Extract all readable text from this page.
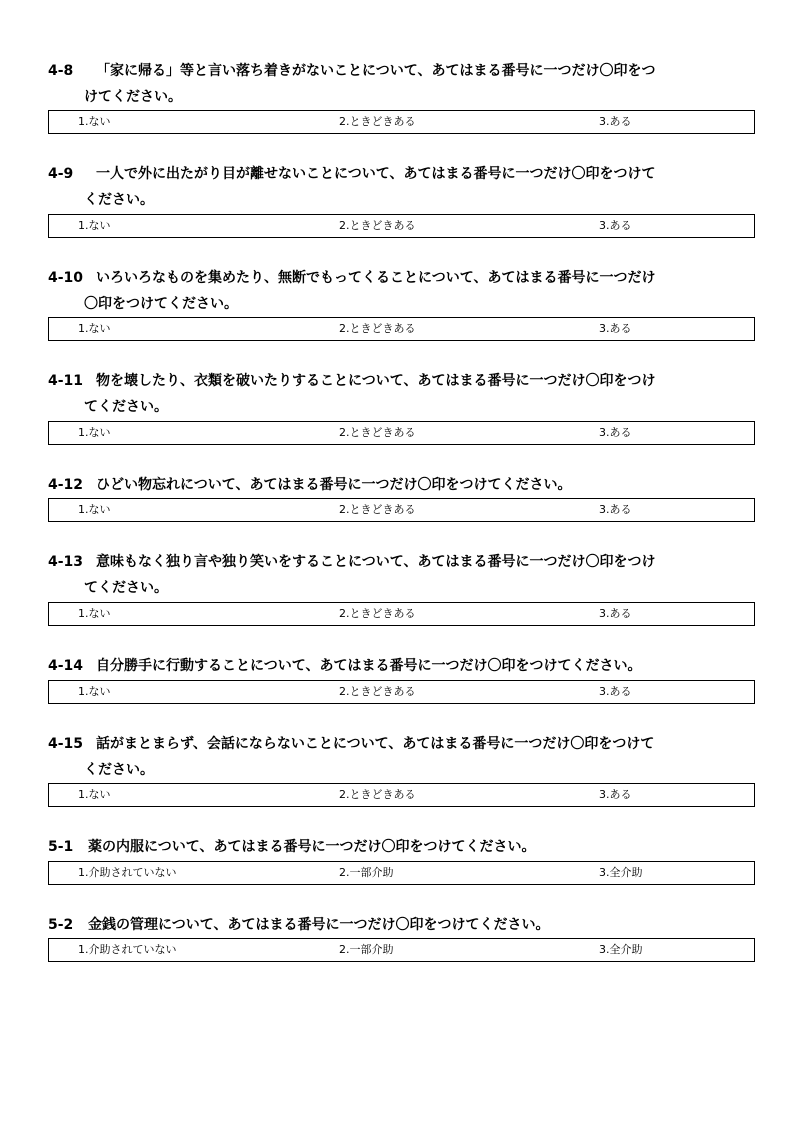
4-8	「家に帰る」等と言い落ち着きがないことについて、あてはまる番号に一つだけ〇印をつ
けてください。
1.ない	2.ときどきある	3.ある
4-9	一人で外に出たがり目が離せないことについて、あてはまる番号に一つだけ〇印をつけて
ください。
1.ない	2.ときどきある	3.ある
4-10 いろいろなものを集めたり、無断でもってくることについて、あてはまる番号に一つだけ
〇印をつけてください。
1.ない	2.ときどきある	3.ある
4-11 物を壊したり、衣類を破いたりすることについて、あてはまる番号に一つだけ〇印をつけ
てください。
1.ない	2.ときどきある	3.ある
4-12 ひどい物忘れについて、あてはまる番号に一つだけ〇印をつけてください。
1.ない	2.ときどきある	3.ある
4-13 意味もなく独り言や独り笑いをすることについて、あてはまる番号に一つだけ〇印をつけ
てください。
1.ない	2.ときどきある	3.ある
4-14 自分勝手に行動することについて、あてはまる番号に一つだけ〇印をつけてください。
1.ない	2.ときどきある	3.ある
4-15 話がまとまらず、会話にならないことについて、あてはまる番号に一つだけ〇印をつけて
ください。
1.ない	2.ときどきある	3.ある
5-1	薬の内服について、あてはまる番号に一つだけ〇印をつけてください。
1.介助されていない	2.一部介助	3.全介助
5-2	金銭の管理について、あてはまる番号に一つだけ〇印をつけてください。
1.介助されていない	2.一部介助	3.全介助
